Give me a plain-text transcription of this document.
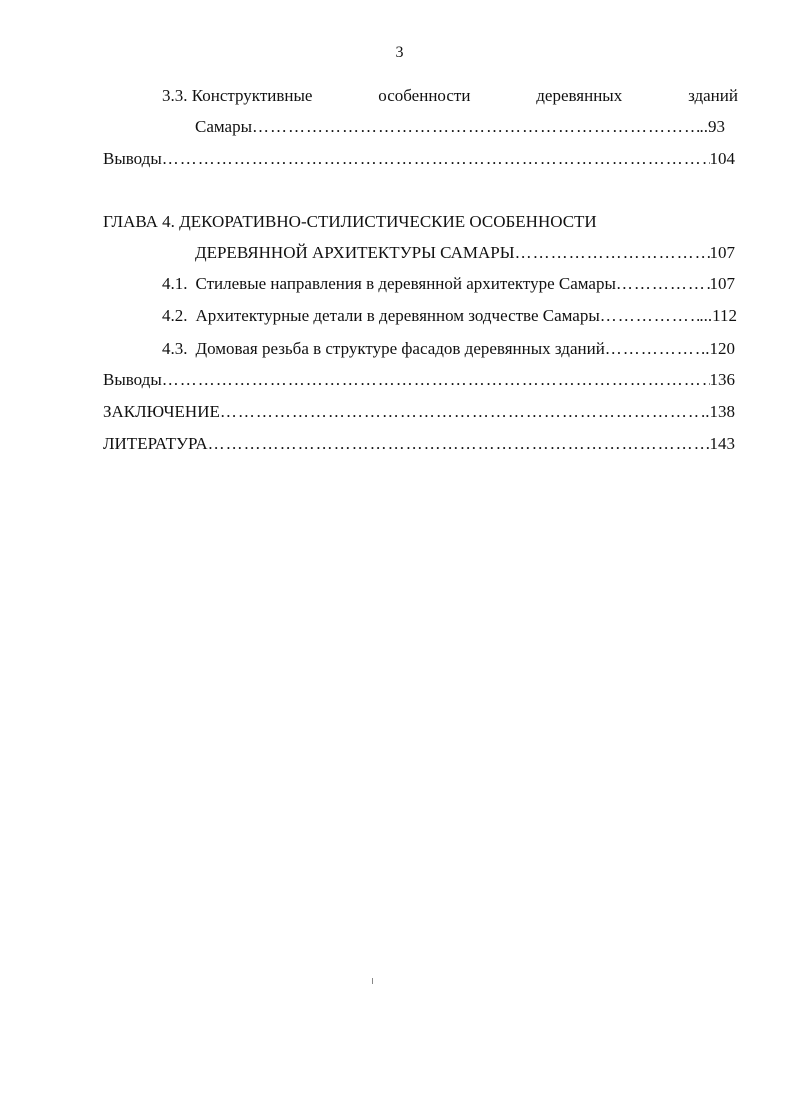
3
3.3. Конструктивные	особенности	деревянных	зданий
Самары ……………………………………………………………………………………………………………………………………………………………………	..93
Выводы ……………………………………………………………………………………………………………………………………………………………………	104
ГЛАВА 4. ДЕКОРАТИВНО-СТИЛИСТИЧЕСКИЕ ОСОБЕННОСТИ
ДЕРЕВЯННОЙ АРХИТЕКТУРЫ САМАРЫ ……………………………………………………………………………………………………………………………………………………………………	107
4.1. Стилевые направления в деревянной архитектуре Самары ……………………………………………………………………………………………………………………………………………………………………	107
4.2. Архитектурные детали в деревянном зодчестве Самары ……………………………………………………………………………………………………………………………………………………………………	...112
4.3. Домовая резьба в структуре фасадов деревянных зданий ……………………………………………………………………………………………………………………………………………………………………	..120
Выводы ……………………………………………………………………………………………………………………………………………………………………	136
ЗАКЛЮЧЕНИЕ ……………………………………………………………………………………………………………………………………………………………………	..138
ЛИТЕРАТУРА ……………………………………………………………………………………………………………………………………………………………………	143
